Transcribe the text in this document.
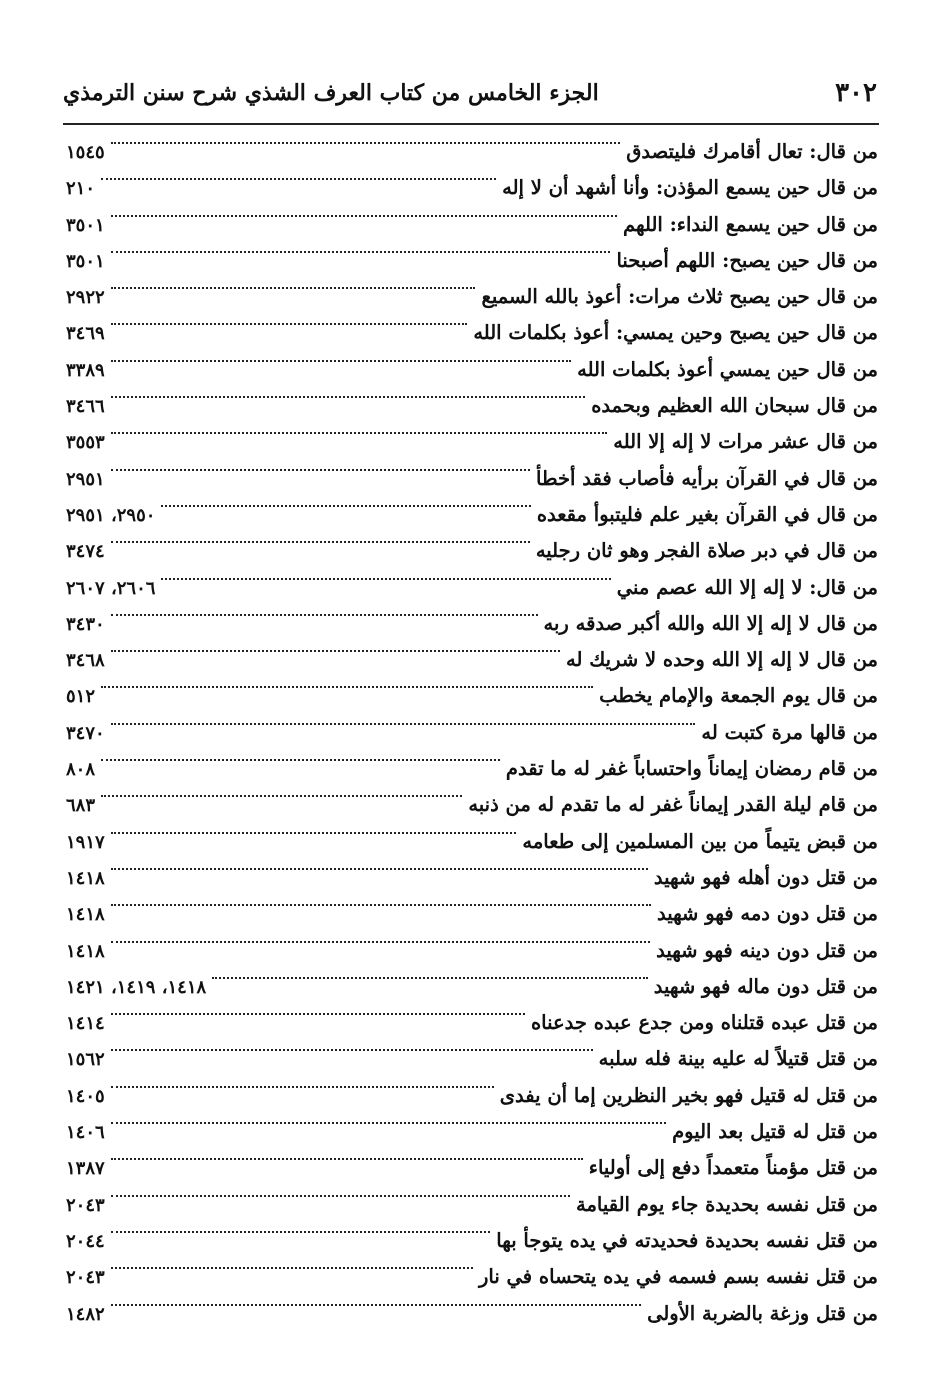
٣٠٢
الجزء الخامس من كتاب العرف الشذي شرح سنن الترمذي
من قال: تعال أقامرك فليتصدق
١٥٤٥
من قال حين يسمع المؤذن: وأنا أشهد أن لا إله
٢١٠
من قال حين يسمع النداء: اللهم
٣٥٠١
من قال حين يصبح: اللهم أصبحنا
٣٥٠١
من قال حين يصبح ثلاث مرات: أعوذ بالله السميع
٢٩٢٢
من قال حين يصبح وحين يمسي: أعوذ بكلمات الله
٣٤٦٩
من قال حين يمسي أعوذ بكلمات الله
٣٣٨٩
من قال سبحان الله العظيم وبحمده
٣٤٦٦
من قال عشر مرات لا إله إلا الله
٣٥٥٣
من قال في القرآن برأيه فأصاب فقد أخطأ
٢٩٥١
من قال في القرآن بغير علم فليتبوأ مقعده
٢٩٥٠، ٢٩٥١
من قال في دبر صلاة الفجر وهو ثان رجليه
٣٤٧٤
من قال: لا إله إلا الله عصم مني
٢٦٠٦، ٢٦٠٧
من قال لا إله إلا الله والله أكبر صدقه ربه
٣٤٣٠
من قال لا إله إلا الله وحده لا شريك له
٣٤٦٨
من قال يوم الجمعة والإمام يخطب
٥١٢
من قالها مرة كتبت له
٣٤٧٠
من قام رمضان إيماناً واحتساباً غفر له ما تقدم
٨٠٨
من قام ليلة القدر إيماناً غفر له ما تقدم له من ذنبه
٦٨٣
من قبض يتيماً من بين المسلمين إلى طعامه
١٩١٧
من قتل دون أهله فهو شهيد
١٤١٨
من قتل دون دمه فهو شهيد
١٤١٨
من قتل دون دينه فهو شهيد
١٤١٨
من قتل دون ماله فهو شهيد
١٤١٨، ١٤١٩، ١٤٢١
من قتل عبده قتلناه ومن جدع عبده جدعناه
١٤١٤
من قتل قتيلاً له عليه بينة فله سلبه
١٥٦٢
من قتل له قتيل فهو بخير النظرين إما أن يفدى
١٤٠٥
من قتل له قتيل بعد اليوم
١٤٠٦
من قتل مؤمناً متعمداً دفع إلى أولياء
١٣٨٧
من قتل نفسه بحديدة جاء يوم القيامة
٢٠٤٣
من قتل نفسه بحديدة فحديدته في يده يتوجأ بها
٢٠٤٤
من قتل نفسه بسم فسمه في يده يتحساه في نار
٢٠٤٣
من قتل وزغة بالضربة الأولى
١٤٨٢
